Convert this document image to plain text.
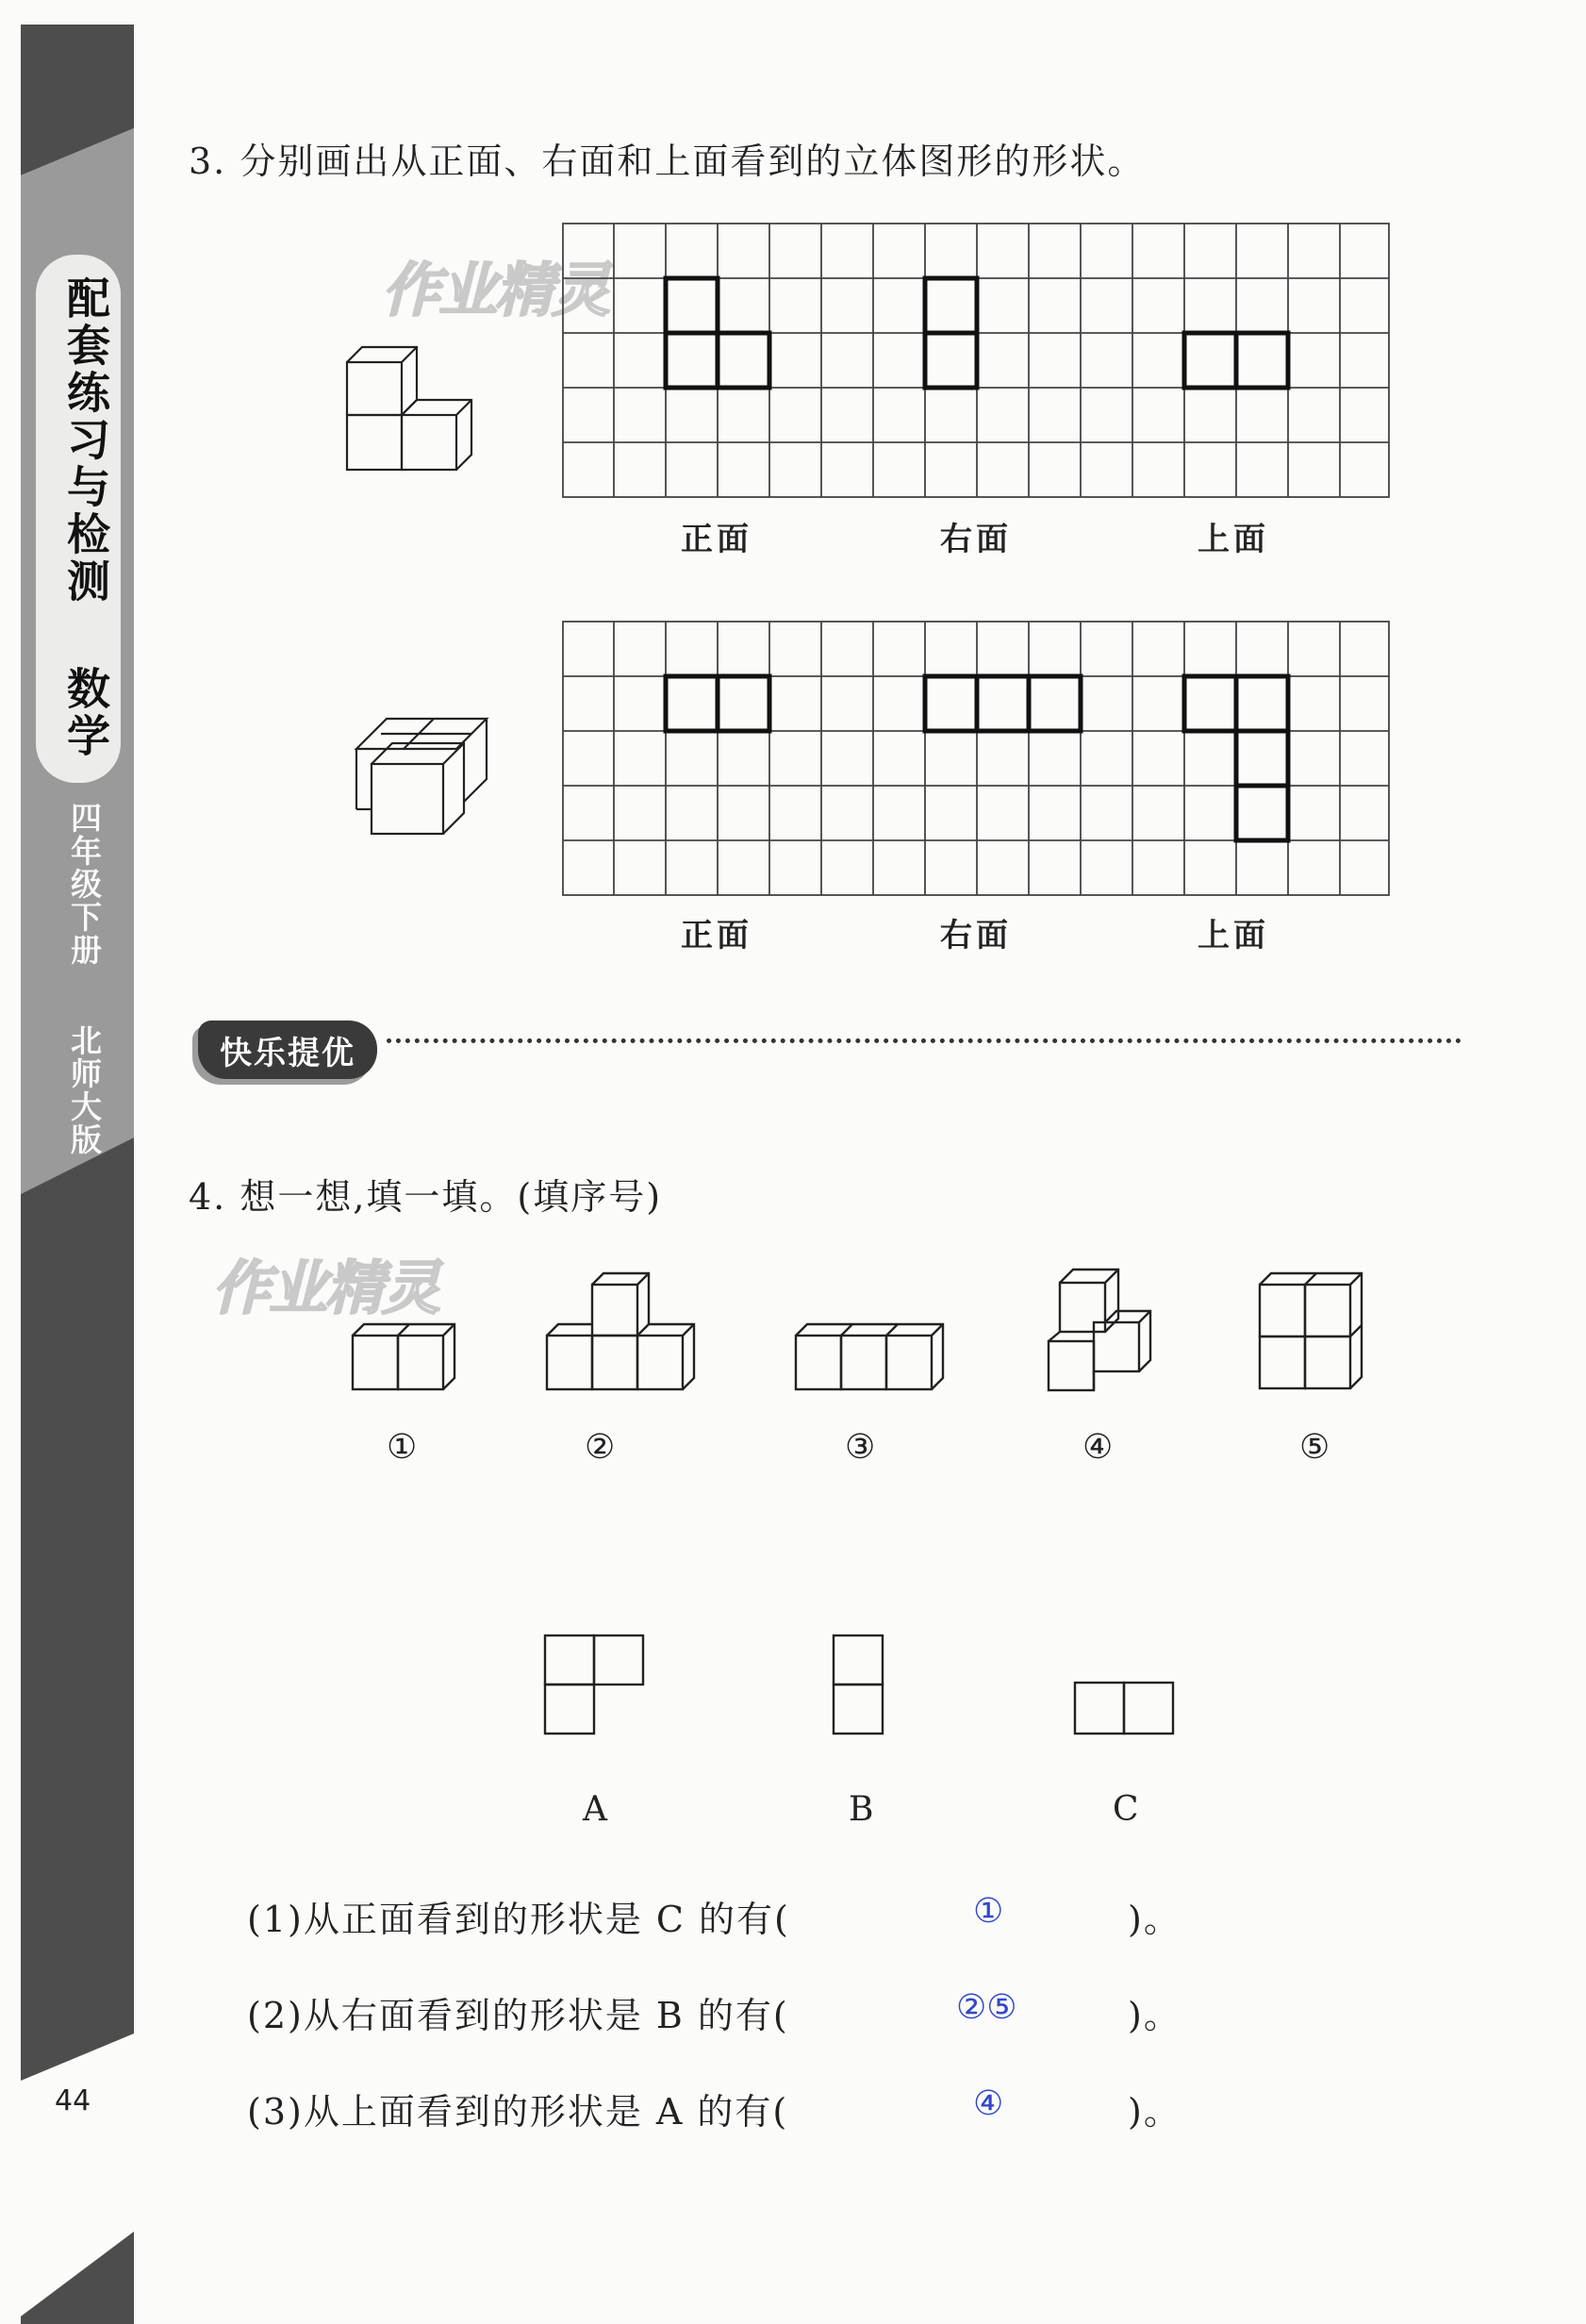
配套练习与检测
数学
四年级下册
北师大版
44
作业精灵
作业精灵
3. 分别画出从正面、右面和上面看到的立体图形的形状。
正面	右面	上面
正面	右面	上面
快乐提优
4. 想一想,填一填。(填序号)
①	②	③	④	⑤
A	B	C
(1)从正面看到的形状是 C 的有(	①	)。
(2)从右面看到的形状是 B 的有(	②⑤	)。
(3)从上面看到的形状是 A 的有(	④	)。
